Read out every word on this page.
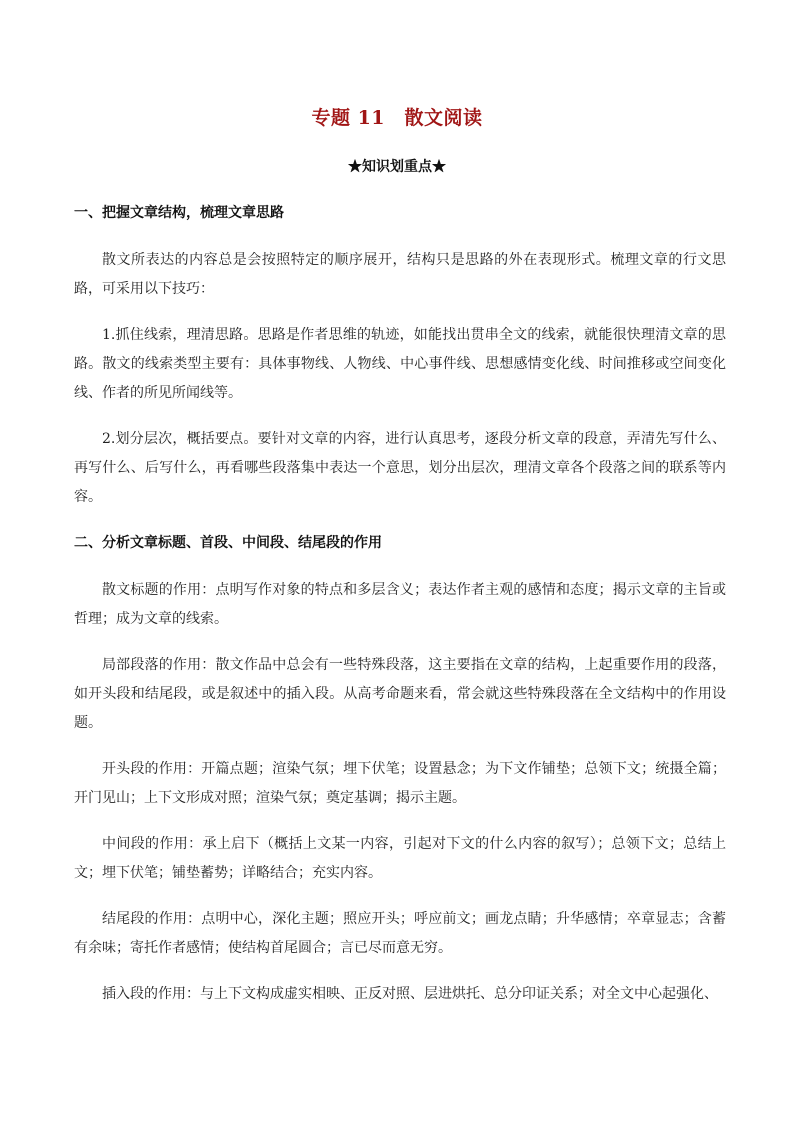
专题 11　散文阅读
★知识划重点★
一、把握文章结构，梳理文章思路

散文所表达的内容总是会按照特定的顺序展开，结构只是思路的外在表现形式。梳理文章的行文思路，可采用以下技巧：

1.抓住线索，理清思路。思路是作者思维的轨迹，如能找出贯串全文的线索，就能很快理清文章的思路。散文的线索类型主要有：具体事物线、人物线、中心事件线、思想感情变化线、时间推移或空间变化线、作者的所见所闻线等。

2.划分层次，概括要点。要针对文章的内容，进行认真思考，逐段分析文章的段意，弄清先写什么、再写什么、后写什么，再看哪些段落集中表达一个意思，划分出层次，理清文章各个段落之间的联系等内容。

二、分析文章标题、首段、中间段、结尾段的作用

散文标题的作用：点明写作对象的特点和多层含义；表达作者主观的感情和态度；揭示文章的主旨或哲理；成为文章的线索。

局部段落的作用：散文作品中总会有一些特殊段落，这主要指在文章的结构，上起重要作用的段落，如开头段和结尾段，或是叙述中的插入段。从高考命题来看，常会就这些特殊段落在全文结构中的作用设题。

开头段的作用：开篇点题；渲染气氛；埋下伏笔；设置悬念；为下文作铺垫；总领下文；统摄全篇；开门见山；上下文形成对照；渲染气氛；奠定基调；揭示主题。

中间段的作用：承上启下（概括上文某一内容，引起对下文的什么内容的叙写）；总领下文；总结上文；埋下伏笔；铺垫蓄势；详略结合；充实内容。

结尾段的作用：点明中心，深化主题；照应开头；呼应前文；画龙点睛；升华感情；卒章显志；含蓄有余味；寄托作者感情；使结构首尾圆合；言已尽而意无穷。

插入段的作用：与上下文构成虚实相映、正反对照、层进烘托、总分印证关系；对全文中心起强化、
